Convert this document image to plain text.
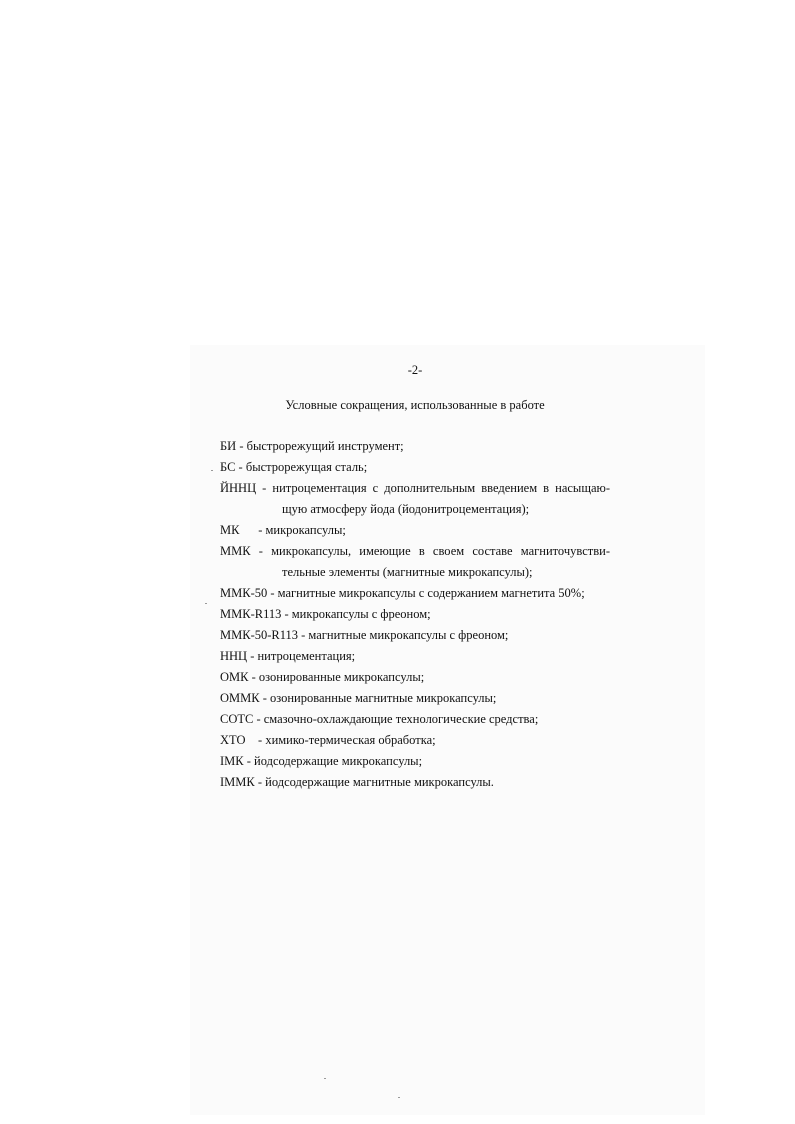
-2-
Условные сокращения, использованные в работе
БИ - быстрорежущий инструмент;
БС - быстрорежущая сталь;
ЙННЦ - нитроцементация с дополнительным введением в насыщаю-
щую атмосферу йода (йодонитроцементация);
МК      - микрокапсулы;
ММК - микрокапсулы, имеющие в своем составе магниточувстви-
тельные элементы (магнитные микрокапсулы);
ММК-50 - магнитные микрокапсулы с содержанием магнетита 50%;
ММК-R113 - микрокапсулы с фреоном;
ММК-50-R113 - магнитные микрокапсулы с фреоном;
ННЦ - нитроцементация;
ОМК - озонированные микрокапсулы;
ОММК - озонированные магнитные микрокапсулы;
СОТС - смазочно-охлаждающие технологические средства;
ХТО    - химико-термическая обработка;
IМК - йодсодержащие микрокапсулы;
IММК - йодсодержащие магнитные микрокапсулы.
